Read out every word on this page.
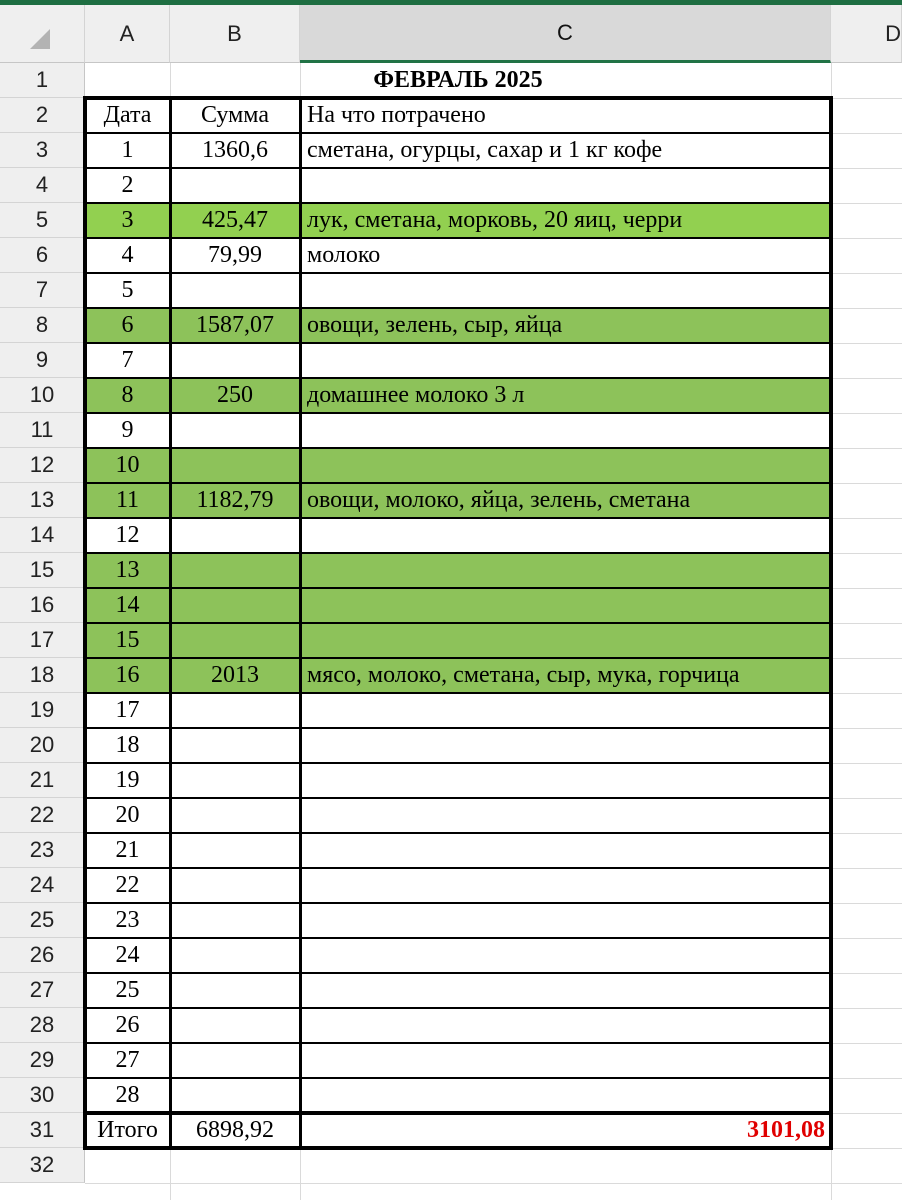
A	B	C	D
1
2
3
4
5
6
7
8
9
10
11
12
13
14
15
16
17
18
19
20
21
22
23
24
25
26
27
28
29
30
31
32
ФЕВРАЛЬ 2025
Дата	Сумма	На что потрачено
1	1360,6	сметана, огурцы, сахар и 1 кг кофе
2
3	425,47	лук, сметана, морковь, 20 яиц, черри
4	79,99	молоко
5
6	1587,07	овощи, зелень, сыр, яйца
7
8	250	домашнее молоко 3 л
9
10
11	1182,79	овощи, молоко, яйца, зелень, сметана
12
13
14
15
16	2013	мясо, молоко, сметана, сыр, мука, горчица
17
18
19
20
21
22
23
24
25
26
27
28
Итого	6898,92	3101,08
